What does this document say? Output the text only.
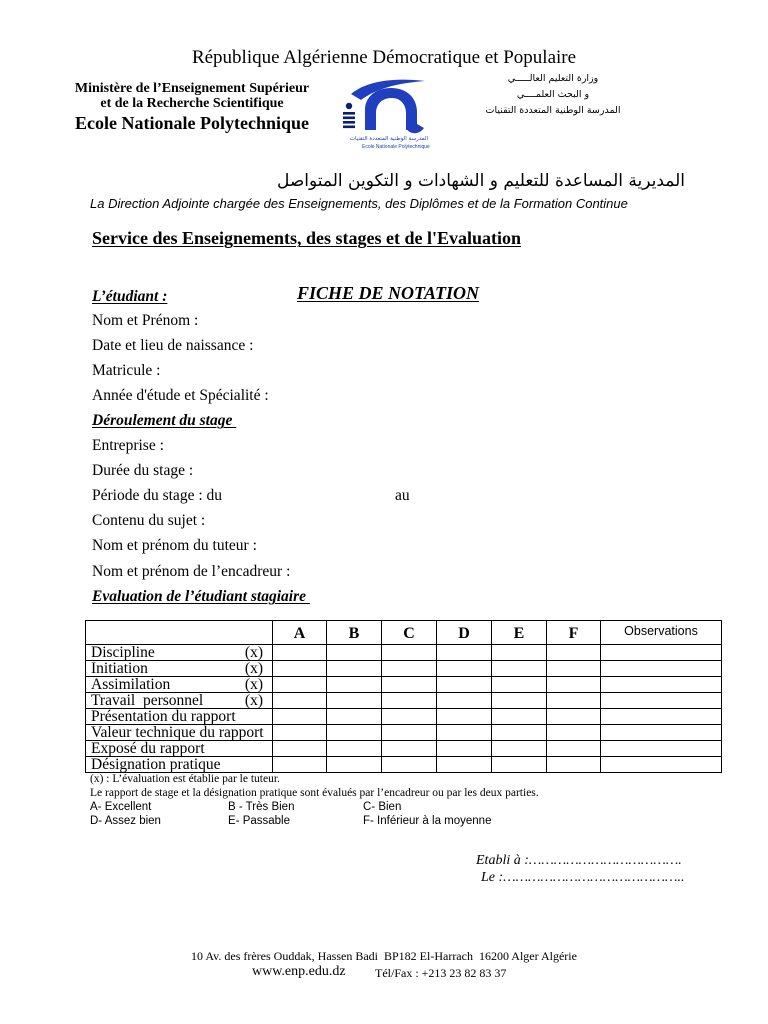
République Algérienne Démocratique et Populaire
Ministère de l’Enseignement Supérieur
et de la Recherche Scientifique
Ecole Nationale Polytechnique
المدرسة الوطنية المتعددة التقنيات
Ecole Nationale Polytechnique
وزارة التعليم العالـــــي
و البحث العلمــــي
المدرسة الوطنية المتعددة التقنيات
المديرية المساعدة للتعليم و الشهادات و التكوين المتواصل
La Direction Adjointe chargée des Enseignements, des Diplômes et de la Formation Continue
Service des Enseignements, des stages et de l'Evaluation

FICHE DE NOTATION

L’étudiant :
Nom et Prénom :
Date et lieu de naissance :
Matricule :
Année d'étude et Spécialité :
Déroulement du stage
Entreprise :
Durée du stage :
Période du stage : du	au
Contenu du sujet :
Nom et prénom du tuteur :
Nom et prénom de l’encadreur :
Evaluation de l’étudiant stagiaire
	A	B	C	D	E	F	Observations

Discipline (x)							

Initiation (x)							

Assimilation (x)							

Travail  personnel (x)							

Présentation du rapport							

Valeur technique du rapport							

Exposé du rapport							

Désignation pratique							

(x) : L’évaluation est établie par le tuteur.
Le rapport de stage et la désignation pratique sont évalués par l’encadreur ou par les deux parties.
A- Excellent	B - Très Bien	C- Bien
D- Assez bien	E- Passable	F- Inférieur à la moyenne
Etabli à :……………………………….
Le :……………………………………..
10 Av. des frères Ouddak, Hassen Badi  BP182 El-Harrach  16200 Alger Algérie
www.enp.edu.dz Tél/Fax : +213 23 82 83 37
